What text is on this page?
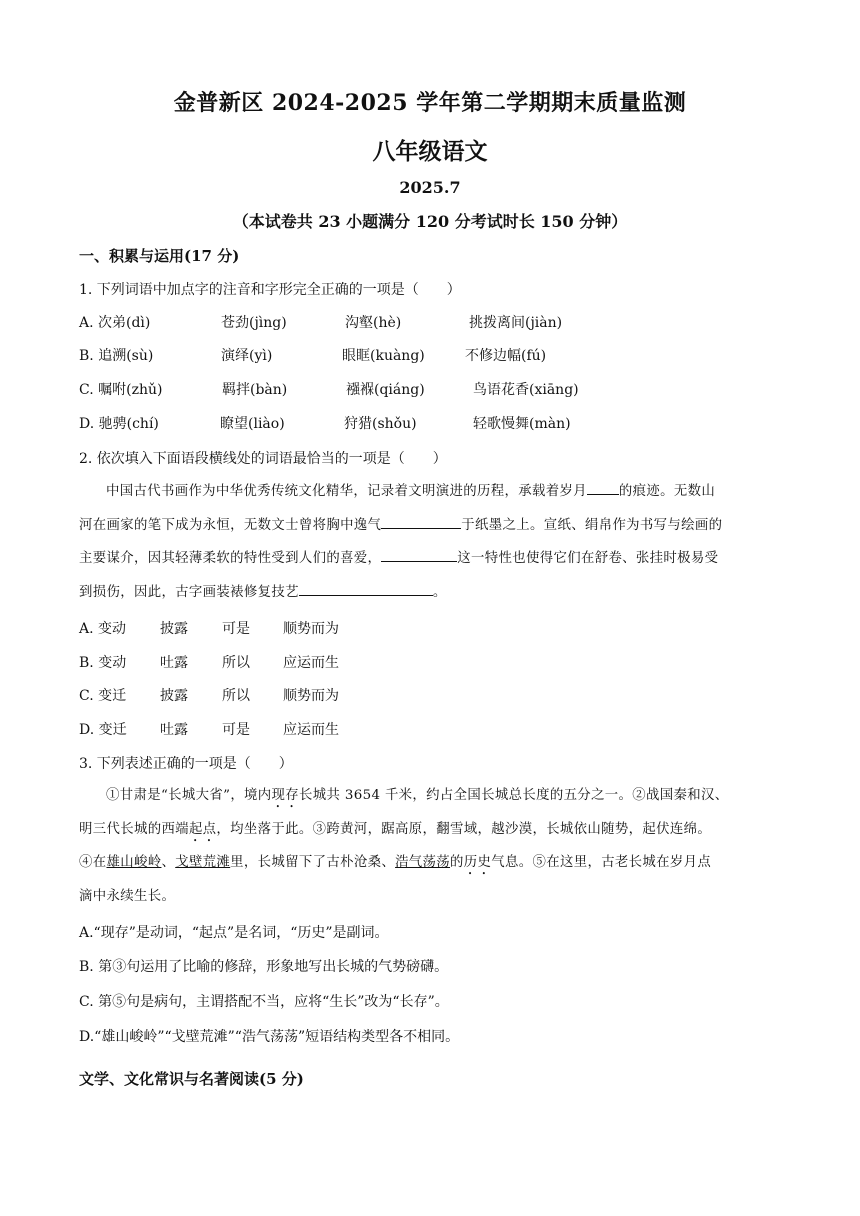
金普新区 2024-2025 学年第二学期期末质量监测
八年级语文
2025.7
（本试卷共 23 小题满分 120 分考试时长 150 分钟）
一、积累与运用(17 分)
1. 下列词语中加点字的注音和字形完全正确的一项是（　　）
A. 次弟(dì)	苍劲(jìng)	沟壑(hè)	挑拨离间(jiàn)
B. 追溯(sù)	演绎(yì)	眼眶(kuàng)	不修边幅(fú)
C. 嘱咐(zhǔ)	羁拌(bàn)	襁褓(qiáng)	鸟语花香(xiāng)
D. 驰骋(chí)	瞭望(liào)	狩猎(shǒu)	轻歌慢舞(màn)
2. 依次填入下面语段横线处的词语最恰当的一项是（　　）

中国古代书画作为中华优秀传统文化精华，记录着文明演进的历程，承载着岁月 的痕迹。无数山

河在画家的笔下成为永恒，无数文士曾将胸中逸气	于纸墨之上。宣纸、绢帛作为书写与绘画的

主要谋介，因其轻薄柔软的特性受到人们的喜爱，	这一特性也使得它们在舒卷、张挂时极易受

到损伤，因此，古字画装裱修复技艺	。

A. 变动 披露 可是 顺势而为
B. 变动 吐露 所以 应运而生
C. 变迁 披露 所以 顺势而为
D. 变迁 吐露 可是 应运而生
3. 下列表述正确的一项是（　　）

①甘肃是“长城大省”，境内现存长城共 3654 千米，约占全国长城总长度的五分之一。②战国秦和汉、

明三代长城的西端起点，均坐落于此。③跨黄河，踞高原，翻雪域，越沙漠，长城依山随势，起伏连绵。

④在雄山峻岭、戈壁荒滩里，长城留下了古朴沧桑、浩气荡荡的历史气息。⑤在这里，古老长城在岁月点

滴中永续生长。

A.“现存”是动词，“起点”是名词，“历史”是副词。
B. 第③句运用了比喻的修辞，形象地写出长城的气势磅礴。
C. 第⑤句是病句，主谓搭配不当，应将“生长”改为“长存”。
D.“雄山峻岭”“戈壁荒滩”“浩气荡荡”短语结构类型各不相同。
文学、文化常识与名著阅读(5 分)
